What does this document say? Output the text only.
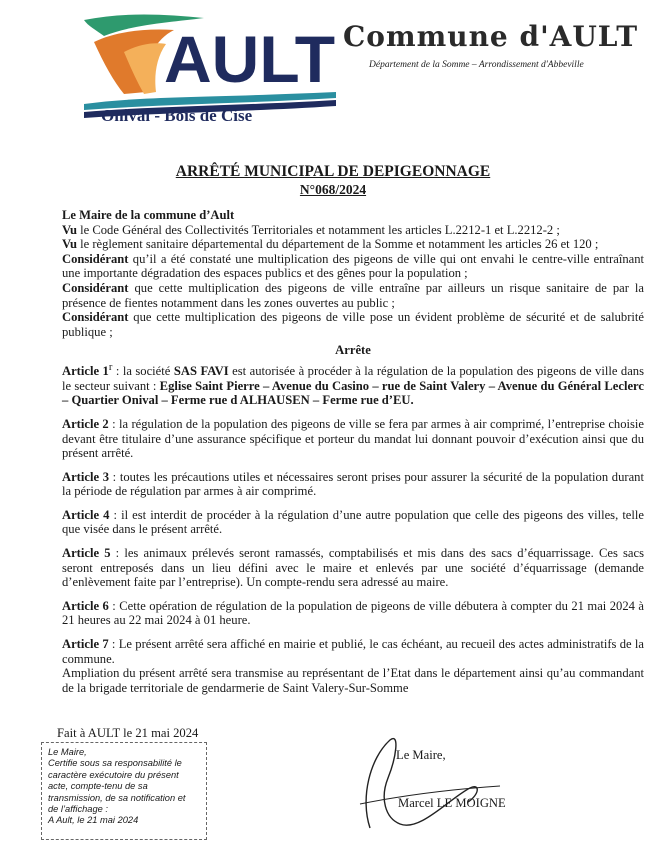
AULT
Onival - Bois de Cise
Commune d'AULT
Département de la Somme – Arrondissement d'Abbeville
ARRÊTÉ MUNICIPAL DE DEPIGEONNAGE
N°068/2024

Le Maire de la commune d’Ault

Vu le Code Général des Collectivités Territoriales et notamment les articles L.2212-1 et L.2212-2 ;

Vu le règlement sanitaire départemental du département de la Somme et notamment les articles 26 et 120 ;

Considérant qu’il a été constaté une multiplication des pigeons de ville qui ont envahi le centre-ville entraînant une importante dégradation des espaces publics et des gênes pour la population ;

Considérant que cette multiplication des pigeons de ville entraîne par ailleurs un risque sanitaire de par la présence de fientes notamment dans les zones ouvertes au public ;

Considérant que cette multiplication des pigeons de ville pose un évident problème de sécurité et de salubrité publique ;

Arrête

Article 1$^r$ : la société SAS FAVI est autorisée à procéder à la régulation de la population des pigeons de ville dans le secteur suivant : Eglise Saint Pierre – Avenue du Casino – rue de Saint Valery – Avenue du Général Leclerc – Quartier Onival – Ferme rue d ALHAUSEN – Ferme rue d’EU.

Article 2 : la régulation de la population des pigeons de ville se fera par armes à air comprimé, l’entreprise choisie devant être titulaire d’une assurance spécifique et porteur du mandat lui donnant pouvoir d’exécution ainsi que du présent arrêté.

Article 3 : toutes les précautions utiles et nécessaires seront prises pour assurer la sécurité de la population durant la période de régulation par armes à air comprimé.

Article 4 : il est interdit de procéder à la régulation d’une autre population que celle des pigeons des villes, telle que visée dans le présent arrêté.

Article 5 : les animaux prélevés seront ramassés, comptabilisés et mis dans des sacs d’équarrissage. Ces sacs seront entreposés dans un lieu défini avec le maire et enlevés par une société d’équarrissage (demande d’enlèvement faite par l’entreprise). Un compte-rendu sera adressé au maire.

Article 6 : Cette opération de régulation de la population de pigeons de ville débutera à compter du 21 mai 2024 à 21 heures au 22 mai 2024 à 01 heure.

Article 7 : Le présent arrêté sera affiché en mairie et publié, le cas échéant, au recueil des actes administratifs de la commune.

Ampliation du présent arrêté sera transmise au représentant de l’Etat dans le département ainsi qu’au commandant de la brigade territoriale de gendarmerie de Saint Valery-Sur-Somme

Fait à AULT le 21 mai 2024
Le Maire,
Certifie sous sa responsabilité le
caractère exécutoire du présent
acte, compte-tenu de sa
transmission, de sa notification et
de l’affichage :
A Ault, le 21 mai 2024
Le Maire,
Marcel LE MOIGNE
